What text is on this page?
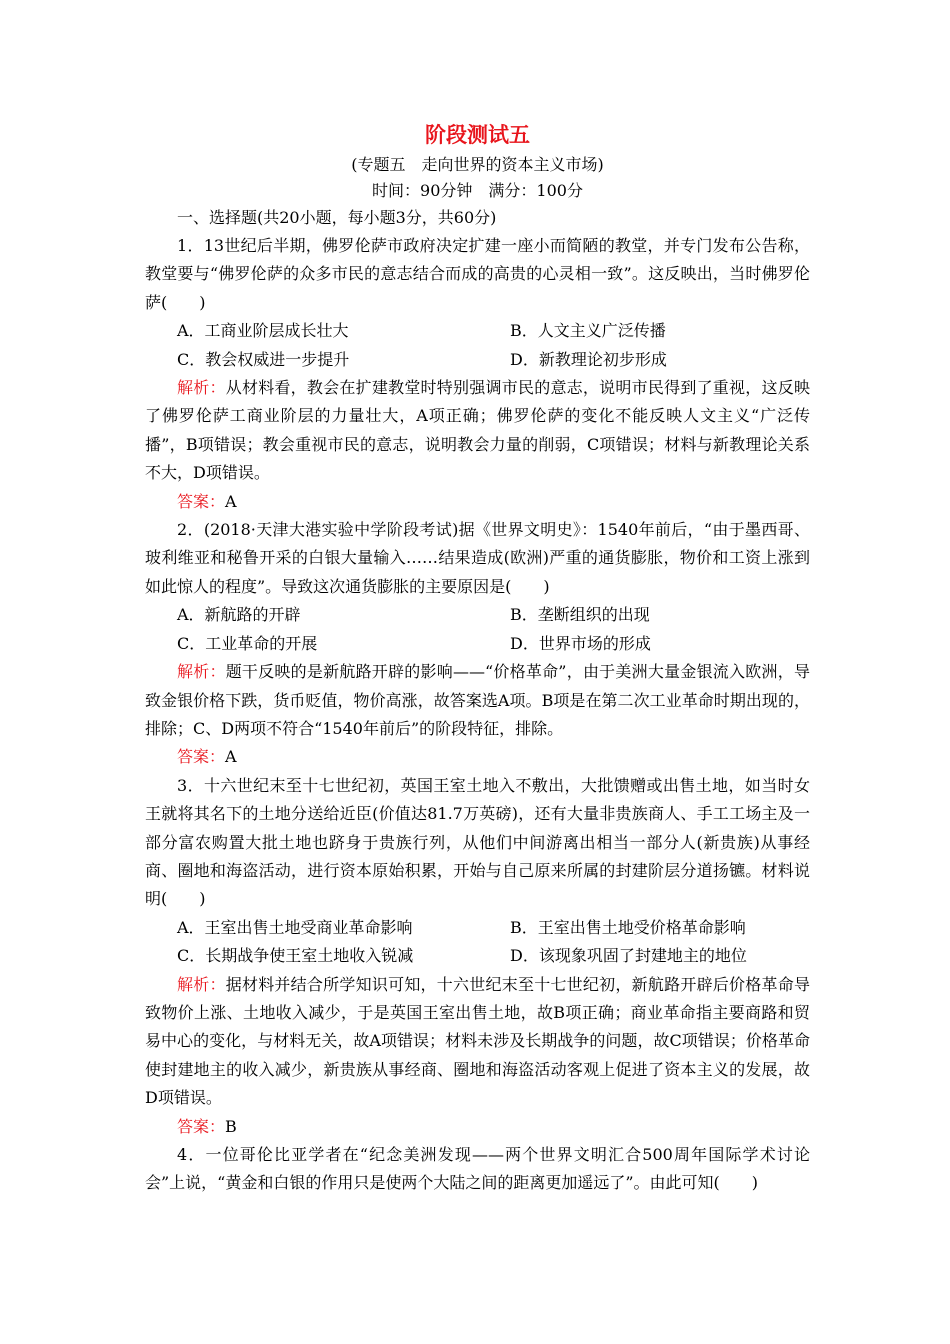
阶段测试五

(专题五　走向世界的资本主义市场)

时间：90分钟　满分：100分

一、选择题(共20小题，每小题3分，共60分)

1．13世纪后半期，佛罗伦萨市政府决定扩建一座小而简陋的教堂，并专门发布公告称，教堂要与“佛罗伦萨的众多市民的意志结合而成的高贵的心灵相一致”。这反映出，当时佛罗伦萨(　　)

A．工商业阶层成长壮大	B．人文主义广泛传播
C．教会权威进一步提升	D．新教理论初步形成

解析：从材料看，教会在扩建教堂时特别强调市民的意志，说明市民得到了重视，这反映了佛罗伦萨工商业阶层的力量壮大，A项正确；佛罗伦萨的变化不能反映人文主义“广泛传播”，B项错误；教会重视市民的意志，说明教会力量的削弱，C项错误；材料与新教理论关系不大，D项错误。

答案：A

2．(2018·天津大港实验中学阶段考试)据《世界文明史》：1540年前后，“由于墨西哥、玻利维亚和秘鲁开采的白银大量输入……结果造成(欧洲)严重的通货膨胀，物价和工资上涨到如此惊人的程度”。导致这次通货膨胀的主要原因是(　　)

A．新航路的开辟	B．垄断组织的出现
C．工业革命的开展	D．世界市场的形成

解析：题干反映的是新航路开辟的影响——“价格革命”，由于美洲大量金银流入欧洲，导致金银价格下跌，货币贬值，物价高涨，故答案选A项。B项是在第二次工业革命时期出现的，排除；C、D两项不符合“1540年前后”的阶段特征，排除。

答案：A

3．十六世纪末至十七世纪初，英国王室土地入不敷出，大批馈赠或出售土地，如当时女王就将其名下的土地分送给近臣(价值达81.7万英磅)，还有大量非贵族商人、手工工场主及一部分富农购置大批土地也跻身于贵族行列，从他们中间游离出相当一部分人(新贵族)从事经商、圈地和海盗活动，进行资本原始积累，开始与自己原来所属的封建阶层分道扬镳。材料说明(　　)

A．王室出售土地受商业革命影响	B．王室出售土地受价格革命影响
C．长期战争使王室土地收入锐减	D．该现象巩固了封建地主的地位

解析：据材料并结合所学知识可知，十六世纪末至十七世纪初，新航路开辟后价格革命导致物价上涨、土地收入减少，于是英国王室出售土地，故B项正确；商业革命指主要商路和贸易中心的变化，与材料无关，故A项错误；材料未涉及长期战争的问题，故C项错误；价格革命使封建地主的收入减少，新贵族从事经商、圈地和海盗活动客观上促进了资本主义的发展，故D项错误。

答案：B

4．一位哥伦比亚学者在“纪念美洲发现——两个世界文明汇合500周年国际学术讨论会”上说，“黄金和白银的作用只是使两个大陆之间的距离更加遥远了”。由此可知(　　)
